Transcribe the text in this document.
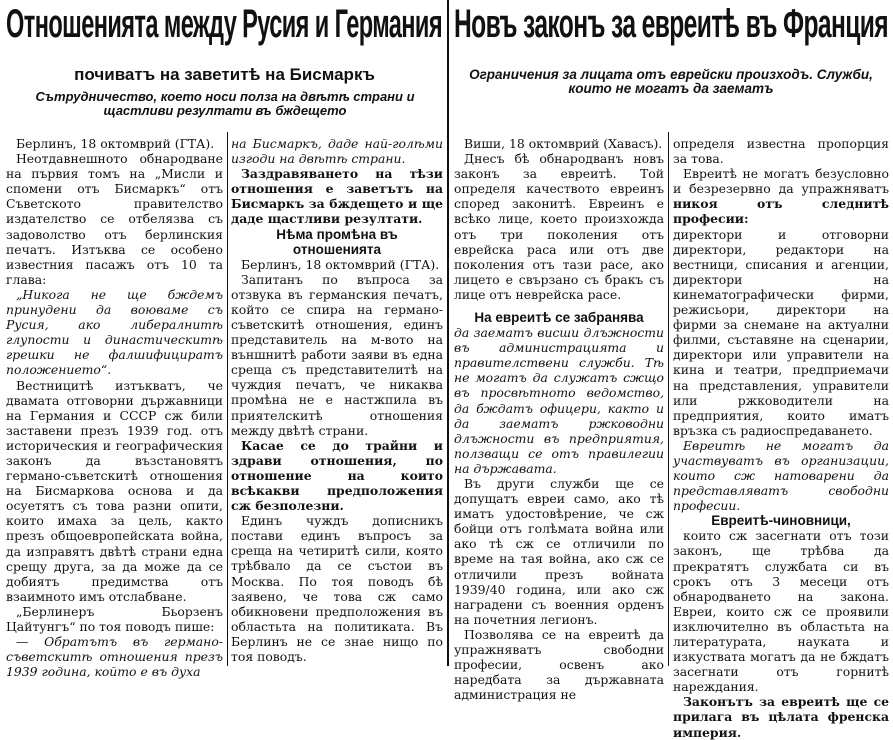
Отношенията между Русия и Германия
почиватъ на заветитѣ на Бисмаркъ
Сътрудничество, което носи полза на двѣтѣ страни и щастливи резултати въ бждещето

Берлинъ, 18 октомврий (ГТА).

Неотдавнешното обнародване на първия томъ на „Мисли и спомени отъ Бисмаркъ“ отъ Съветското правителство издателство се отбелязва съ задоволство отъ берлинския печатъ. Изтъква се особено известния пасажъ отъ 10 та глава:

„Никога не ще бждемъ принудени да воюваме съ Русия, ако либералнитѣ глупости и династическитѣ грешки не фалшифициратъ положението“.

Вестницитѣ изтъкватъ, че двамата отговорни държавници на Германия и СССР сж били заставени презъ 1939 год. отъ историческия и географическия законъ да възстановятъ германо-съветскитѣ отношения на Бисмарковa основа и да осуетятъ съ това разни опити, които имаха за цель, както презъ общоевропейската война, да изправятъ двѣтѣ страни една срещу друга, за да може да се добиятъ предимства отъ взаимното имъ отслабване.

„Берлинеръ Бьорзенъ Цайтунгъ“ по тоя поводъ пише:

— Обратътъ въ германо-съветскитѣ отношения презъ 1939 година, който е въ духа

на Бисмаркъ, даде най-голѣми изгоди на двѣтѣ страни.

Заздравяването на тѣзи отношения е заветътъ на Бисмаркъ за бждещето и ще даде щастливи резултати.

Нѣма промѣна въ отношенията

Берлинъ, 18 октомврий (ГТА).

Запитанъ по въпроса за отзвука въ германския печатъ, който се спира на германо-съветскитѣ отношения, единъ представитель на м-вото на външнитѣ работи заяви въ една среща съ представителитѣ на чуждия печатъ, че никаква промѣна не е настжпила въ приятелскитѣ отношения между двѣтѣ страни.

Касае се до трайни и здрави отношения, по отношение на които всѣкакви предположения сж безполезни.

Единъ чуждъ дописникъ постави единъ въпросъ за среща на четиритѣ сили, която трѣбвало да се състои въ Москва. По тоя поводъ бѣ заявено, че това сж само обикновени предположения въ областьта на политиката. Въ Берлинъ не се знае нищо по тоя поводъ.

Новъ законъ за евреитѣ въ Франция
Ограничения за лицата отъ еврейски произходъ. Служби, които не могатъ да заематъ

Виши, 18 октомврий (Хавасъ).

Днесъ бѣ обнародванъ новъ законъ за евреитѣ. Той определя качеството евреинъ според законитѣ. Евреинъ е всѣко лице, което произхожда отъ три поколения отъ еврейска раса или отъ две поколения отъ тази расе, ако лицето е свързано съ бракъ съ лице отъ неврейска расе.

На евреитѣ се забранява

да заематъ висши длъжности въ администрацията и правителствени служби. Тѣ не могатъ да служатъ сжщо въ просвѣтното ведомство, да бждатъ офицери, както и да заематъ ржководни длъжности въ предприятия, ползващи се отъ правилегии на държавата.

Въ други служби ще се допущатъ евреи само, ако тѣ иматъ удостовѣрение, че сж бойци отъ голѣмата война или ако тѣ сж се отличили по време на тая война, ако сж се отличили презъ войната 1939/40 година, или ако сж наградени съ военния орденъ на почетния легионъ.

Позволява се на евреитѣ да упражняватъ свободни професии, освенъ ако наредбата за държавната администрация не

определя известна пропорция за това.

Евреитѣ не могатъ безусловно и безрезервно да упражняватъ никоя отъ следнитѣ професии:

директори и отговорни директори, редактори на вестници, списания и агенции, директори на кинематографически фирми, режисьори, директори на фирми за снемане на актуални филми, съставяне на сценарии, директори или управители на кина и театри, предприемачи на представления, управители или ржководители на предприятия, които иматъ връзка съ радиоспредаването.

Евреитѣ не могатъ да участвуватъ въ организации, които сж натоварени да представляватъ свободни професии.

Евреитѣ-чиновници,

които сж засегнати отъ този законъ, ще трѣбва да прекратятъ службата си въ срокъ отъ 3 месеци отъ обнародването на закона. Евреи, които сж се проявили изключително въ областьта на литературата, науката и изкуствата могатъ да не бждатъ засегнати отъ горнитѣ нареждания.

Законътъ за евреитѣ ще се прилага въ цѣлата френска империя.
